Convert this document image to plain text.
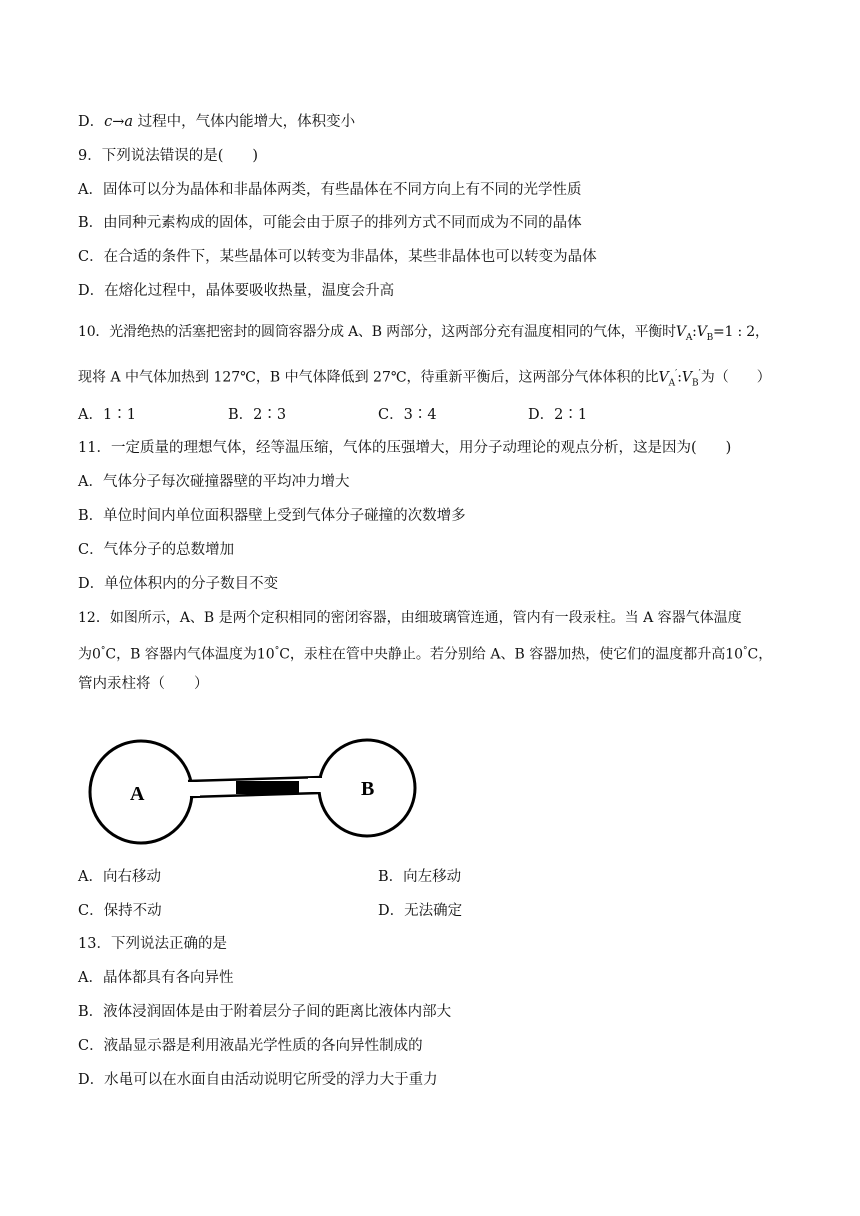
D．c→a 过程中，气体内能增大，体积变小
9．下列说法错误的是(　　)
A．固体可以分为晶体和非晶体两类，有些晶体在不同方向上有不同的光学性质
B．由同种元素构成的固体，可能会由于原子的排列方式不同而成为不同的晶体
C．在合适的条件下，某些晶体可以转变为非晶体，某些非晶体也可以转变为晶体
D．在熔化过程中，晶体要吸收热量，温度会升高
10．光滑绝热的活塞把密封的圆筒容器分成 A、B 两部分，这两部分充有温度相同的气体，平衡时$V_A:V_B=1$ : 2，
现将 A 中气体加热到 127℃，B 中气体降低到 27℃，待重新平衡后，这两部分气体体积的比$V_A':V_B'$为（　　）
A．1∶1	B．2∶3	C．3∶4	D．2∶1
11．一定质量的理想气体，经等温压缩，气体的压强增大，用分子动理论的观点分析，这是因为(　　)
A．气体分子每次碰撞器壁的平均冲力增大
B．单位时间内单位面积器壁上受到气体分子碰撞的次数增多
C．气体分子的总数增加
D．单位体积内的分子数目不变
12．如图所示，A、B 是两个定积相同的密闭容器，由细玻璃管连通，管内有一段汞柱。当 A 容器气体温度
为0°C，B 容器内气体温度为10°C，汞柱在管中央静止。若分别给 A、B 容器加热，使它们的温度都升高10°C，
管内汞柱将（　　）
A	B
A．向右移动	B．向左移动
C．保持不动	D．无法确定
13．下列说法正确的是
A．晶体都具有各向异性
B．液体浸润固体是由于附着层分子间的距离比液体内部大
C．液晶显示器是利用液晶光学性质的各向异性制成的
D．水黾可以在水面自由活动说明它所受的浮力大于重力
